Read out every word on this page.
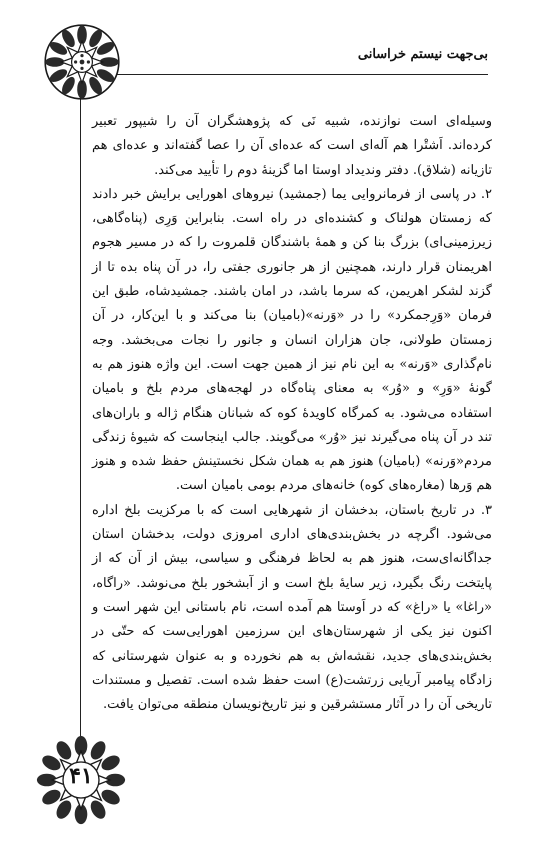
بی‌جهت نیستم خراسانی
۴۱

وسیله‌ای است نوازنده، شبیه نَی که پژوهشگران آن را شیپور تعبیر کرده‌اند. اَشتْرا هم آله‌ای است که عده‌ای آن را عصا گفته‌اند و عده‌ای هم تازیانه (شلاق). دفتر وندیداد اوستا اما گزینهٔ دوم را تأیید می‌کند.

۲. در پاسی از فرمانروایی یما (جمشید) نیروهای اهورایی برایش خبر دادند که زمستان هولناک و کشنده‌ای در راه است. بنابراین وَرِی (پناه‌گاهی، زیرزمینی‌ای) بزرگ بنا کن و همهٔ باشندگان قلمروت را که در مسیر هجوم اهریمنان قرار دارند، همچنین از هر جانوری جفتی را، در آن پناه بده تا از گزند لشکر اهریمن، که سرما باشد، در امان باشند. جمشیدشاه، طبق این فرمان «وَرِجمکرد» را در «وَرنه»(بامیان) بنا می‌کند و با این‌کار، در آن زمستان طولانی، جان هزاران انسان و جانور را نجات می‌بخشد. وجه نام‌گذاری «وَرنه» به این نام نیز از همین جهت است. این واژه هنوز هم به گونهٔ «وَرِ» و «وُر» به معنای پناه‌گاه در لهجه‌های مردم بلخ و بامیان استفاده می‌شود. به کمرگاه کاویدهٔ کوه که شبانان هنگام ژاله و باران‌های تند در آن پناه می‌گیرند نیز «وُر» می‌گویند. جالب اینجاست که شیوهٔ زندگی مردم«وَرنه» (بامیان) هنوز هم به همان شکل نخستینش حفظ شده و هنوز هم وَرها (مغاره‌های کوه) خانه‌های مردم بومی بامیان است.

۳. در تاریخ باستان، بدخشان از شهرهایی است که با مرکزیت بلخ اداره می‌شود. اگرچه در بخش‌بندی‌های اداری امروزی دولت، بدخشان استان جداگانه‌ای‌ست، هنوز هم به لحاظ فرهنگی و سیاسی، بیش از آن که از پایتخت رنگ بگیرد، زیر سایهٔ بلخ است و از آبشخور بلخ می‌نوشد. «راگاه، «راغا» یا «راغ» که در اَوستا هم آمده است، نام باستانی این شهر است و اکنون نیز یکی از شهرستان‌های این سرزمین اهورایی‌ست که حتّی در بخش‌بندی‌های جدید، نقشه‌اش به هم نخورده و به عنوان شهرستانی که زادگاه پیامبر آریایی زرتشت(ع) است حفظ شده است. تفصیل و مستندات تاریخی آن را در آثار مستشرقین و نیز تاریخ‌نویسان منطقه می‌توان یافت.
